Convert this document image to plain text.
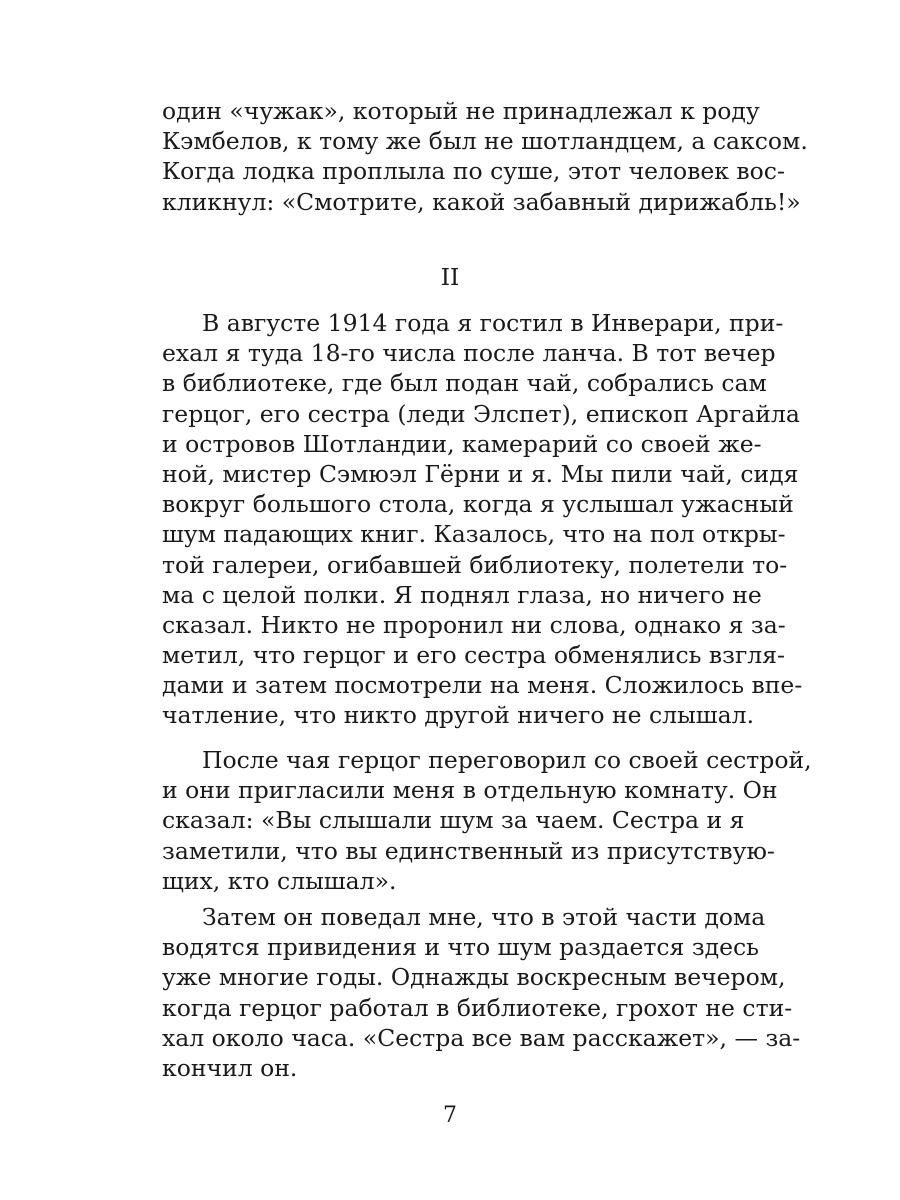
один «чужак», который не принадлежал к роду
Кэмбелов, к тому же был не шотландцем, а саксом.
Когда лодка проплыла по суше, этот человек вос-
кликнул: «Смотрите, какой забавный дирижабль!»
II
В августе 1914 года я гостил в Инверари, при-
ехал я туда 18-го числа после ланча. В тот вечер
в библиотеке, где был подан чай, собрались сам
герцог, его сестра (леди Элспет), епископ Аргайла
и островов Шотландии, камерарий со своей же-
ной, мистер Сэмюэл Гёрни и я. Мы пили чай, сидя
вокруг большого стола, когда я услышал ужасный
шум падающих книг. Казалось, что на пол откры-
той галереи, огибавшей библиотеку, полетели то-
ма с целой полки. Я поднял глаза, но ничего не
сказал. Никто не проронил ни слова, однако я за-
метил, что герцог и его сестра обменялись взгля-
дами и затем посмотрели на меня. Сложилось впе-
чатление, что никто другой ничего не слышал.
После чая герцог переговорил со своей сестрой,
и они пригласили меня в отдельную комнату. Он
сказал: «Вы слышали шум за чаем. Сестра и я
заметили, что вы единственный из присутствую-
щих, кто слышал».
Затем он поведал мне, что в этой части дома
водятся привидения и что шум раздается здесь
уже многие годы. Однажды воскресным вечером,
когда герцог работал в библиотеке, грохот не сти-
хал около часа. «Сестра все вам расскажет», — за-
кончил он.
7
